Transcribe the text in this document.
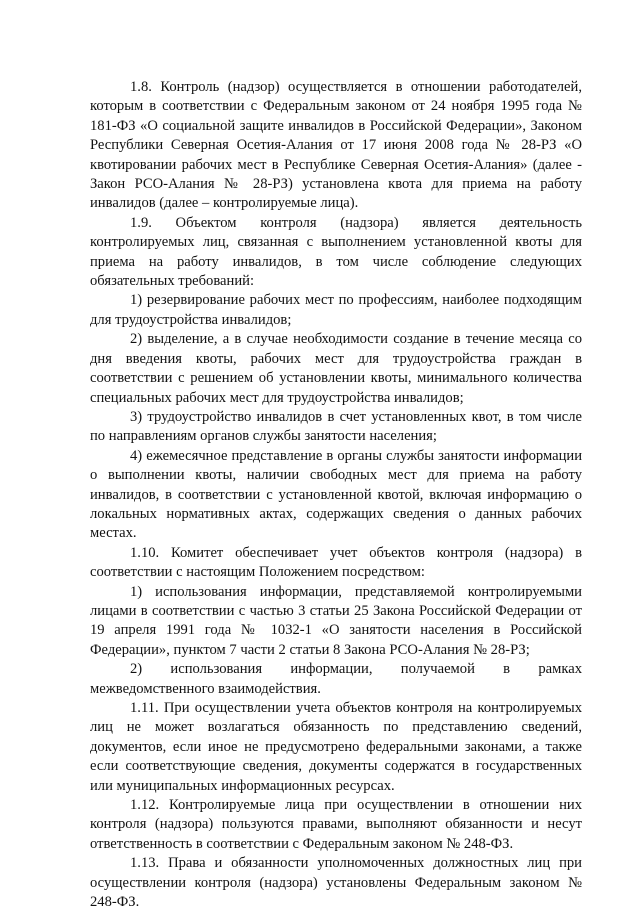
1.8. Контроль (надзор) осуществляется в отношении работодателей, которым в соответствии с Федеральным законом от 24 ноября 1995 года № 181-ФЗ «О социальной защите инвалидов в Российской Федерации», Законом Республики Северная Осетия-Алания от 17 июня 2008 года № 28-РЗ «О квотировании рабочих мест в Республике Северная Осетия-Алания» (далее - Закон РСО-Алания № 28-РЗ) установлена квота для приема на работу инвалидов (далее – контролируемые лица).

1.9. Объектом контроля (надзора) является деятельность контролируемых лиц, связанная с выполнением установленной квоты для приема на работу инвалидов, в том числе соблюдение следующих обязательных требований:

1) резервирование рабочих мест по профессиям, наиболее подходящим для трудоустройства инвалидов;

2) выделение, а в случае необходимости создание в течение месяца со дня введения квоты, рабочих мест для трудоустройства граждан в соответствии с решением об установлении квоты, минимального количества специальных рабочих мест для трудоустройства инвалидов;

3) трудоустройство инвалидов в счет установленных квот, в том числе по направлениям органов службы занятости населения;

4) ежемесячное представление в органы службы занятости информации о выполнении квоты, наличии свободных мест для приема на работу инвалидов, в соответствии с установленной квотой, включая информацию о локальных нормативных актах, содержащих сведения о данных рабочих местах.

1.10. Комитет обеспечивает учет объектов контроля (надзора) в соответствии с настоящим Положением посредством:

1) использования информации, представляемой контролируемыми лицами в соответствии с частью 3 статьи 25 Закона Российской Федерации от 19 апреля 1991 года № 1032-1 «О занятости населения в Российской Федерации», пунктом 7 части 2 статьи 8 Закона РСО-Алания № 28-РЗ;

2) использования информации, получаемой в рамках межведомственного взаимодействия.

1.11. При осуществлении учета объектов контроля на контролируемых лиц не может возлагаться обязанность по представлению сведений, документов, если иное не предусмотрено федеральными законами, а также если соответствующие сведения, документы содержатся в государственных или муниципальных информационных ресурсах.

1.12. Контролируемые лица при осуществлении в отношении них контроля (надзора) пользуются правами, выполняют обязанности и несут ответственность в соответствии с Федеральным законом № 248-ФЗ.

1.13. Права и обязанности уполномоченных должностных лиц при осуществлении контроля (надзора) установлены Федеральным законом № 248-ФЗ.
